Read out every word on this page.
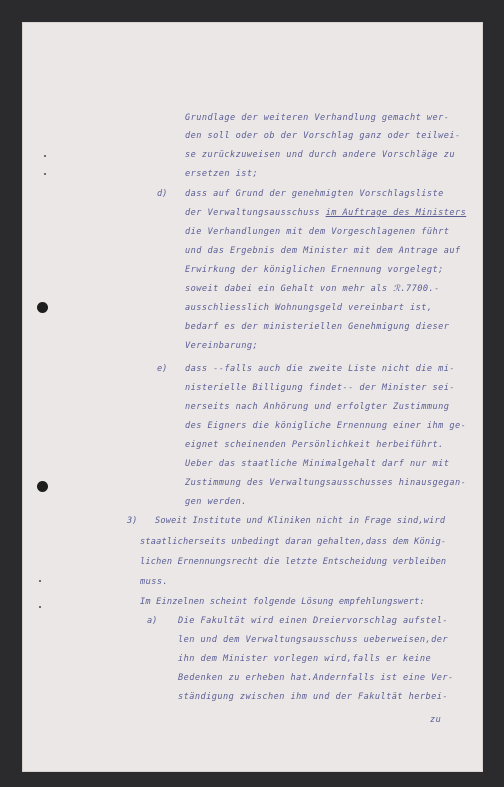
Grundlage der weiteren Verhandlung gemacht wer-
den soll oder ob der Vorschlag ganz oder teilwei-
se zurückzuweisen und durch andere Vorschläge zu
ersetzen ist;
d) dass auf Grund der genehmigten Vorschlagsliste
der Verwaltungsausschuss im Auftrage des Ministers
die Verhandlungen mit dem Vorgeschlagenen führt
und das Ergebnis dem Minister mit dem Antrage auf
Erwirkung der königlichen Ernennung vorgelegt;
soweit dabei ein Gehalt von mehr als ℛ.7700.-
ausschliesslich Wohnungsgeld vereinbart ist,
bedarf es der ministeriellen Genehmigung dieser
Vereinbarung;
e) dass --falls auch die zweite Liste nicht die mi-
nisterielle Billigung findet-- der Minister sei-
nerseits nach Anhörung und erfolgter Zustimmung
des Eigners die königliche Ernennung einer ihm ge-
eignet scheinenden Persönlichkeit herbeiführt.
Ueber das staatliche Minimalgehalt darf nur mit
Zustimmung des Verwaltungsausschusses hinausgegan-
gen werden.
3) Soweit Institute und Kliniken nicht in Frage sind,wird
staatlicherseits unbedingt daran gehalten,dass dem König-
lichen Ernennungsrecht die letzte Entscheidung verbleiben
muss.
Im Einzelnen scheint folgende Lösung empfehlungswert:
a) Die Fakultät wird einen Dreiervorschlag aufstel-
len und dem Verwaltungsausschuss ueberweisen,der
ihn dem Minister vorlegen wird,falls er keine
Bedenken zu erheben hat.Andernfalls ist eine Ver-
ständigung zwischen ihm und der Fakultät herbei-
zu
